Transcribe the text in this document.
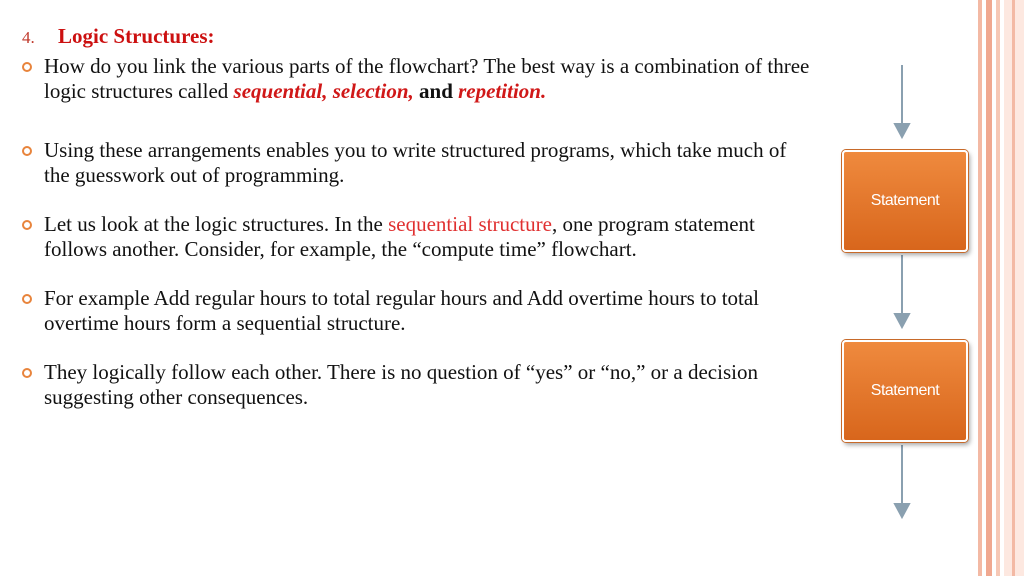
4. Logic Structures:
How do you link the various parts of the flowchart? The best way is a combination of three logic structures called sequential, selection, and repetition.
Using these arrangements enables you to write structured programs, which take much of the guesswork out of programming.
Let us look at the logic structures. In the sequential structure, one program statement follows another. Consider, for example, the “compute time” flowchart.
For example Add regular hours to total regular hours and Add overtime hours to total overtime hours form a sequential structure.
They logically follow each other. There is no question of “yes” or “no,” or a decision suggesting other consequences.
Statement
Statement
